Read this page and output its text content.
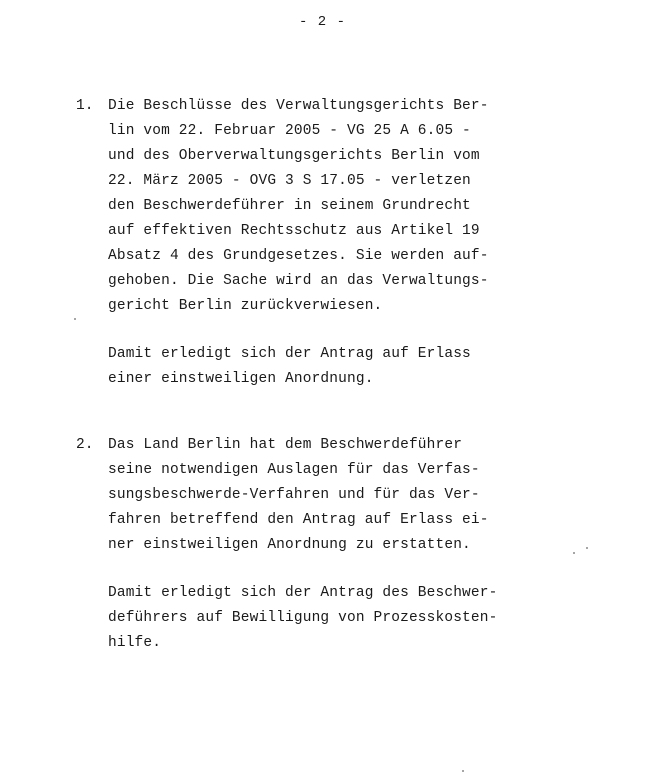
- 2 -
1. Die Beschlüsse des Verwaltungsgerichts Ber-
lin vom 22. Februar 2005 - VG 25 A 6.05 -
und des Oberverwaltungsgerichts Berlin vom
22. März 2005 - OVG 3 S 17.05 - verletzen
den Beschwerdeführer in seinem Grundrecht
auf effektiven Rechtsschutz aus Artikel 19
Absatz 4 des Grundgesetzes. Sie werden auf-
gehoben. Die Sache wird an das Verwaltungs-
gericht Berlin zurückverwiesen.
Damit erledigt sich der Antrag auf Erlass
einer einstweiligen Anordnung.
2. Das Land Berlin hat dem Beschwerdeführer
seine notwendigen Auslagen für das Verfas-
sungsbeschwerde-Verfahren und für das Ver-
fahren betreffend den Antrag auf Erlass ei-
ner einstweiligen Anordnung zu erstatten.
Damit erledigt sich der Antrag des Beschwer-
deführers auf Bewilligung von Prozesskosten-
hilfe.
